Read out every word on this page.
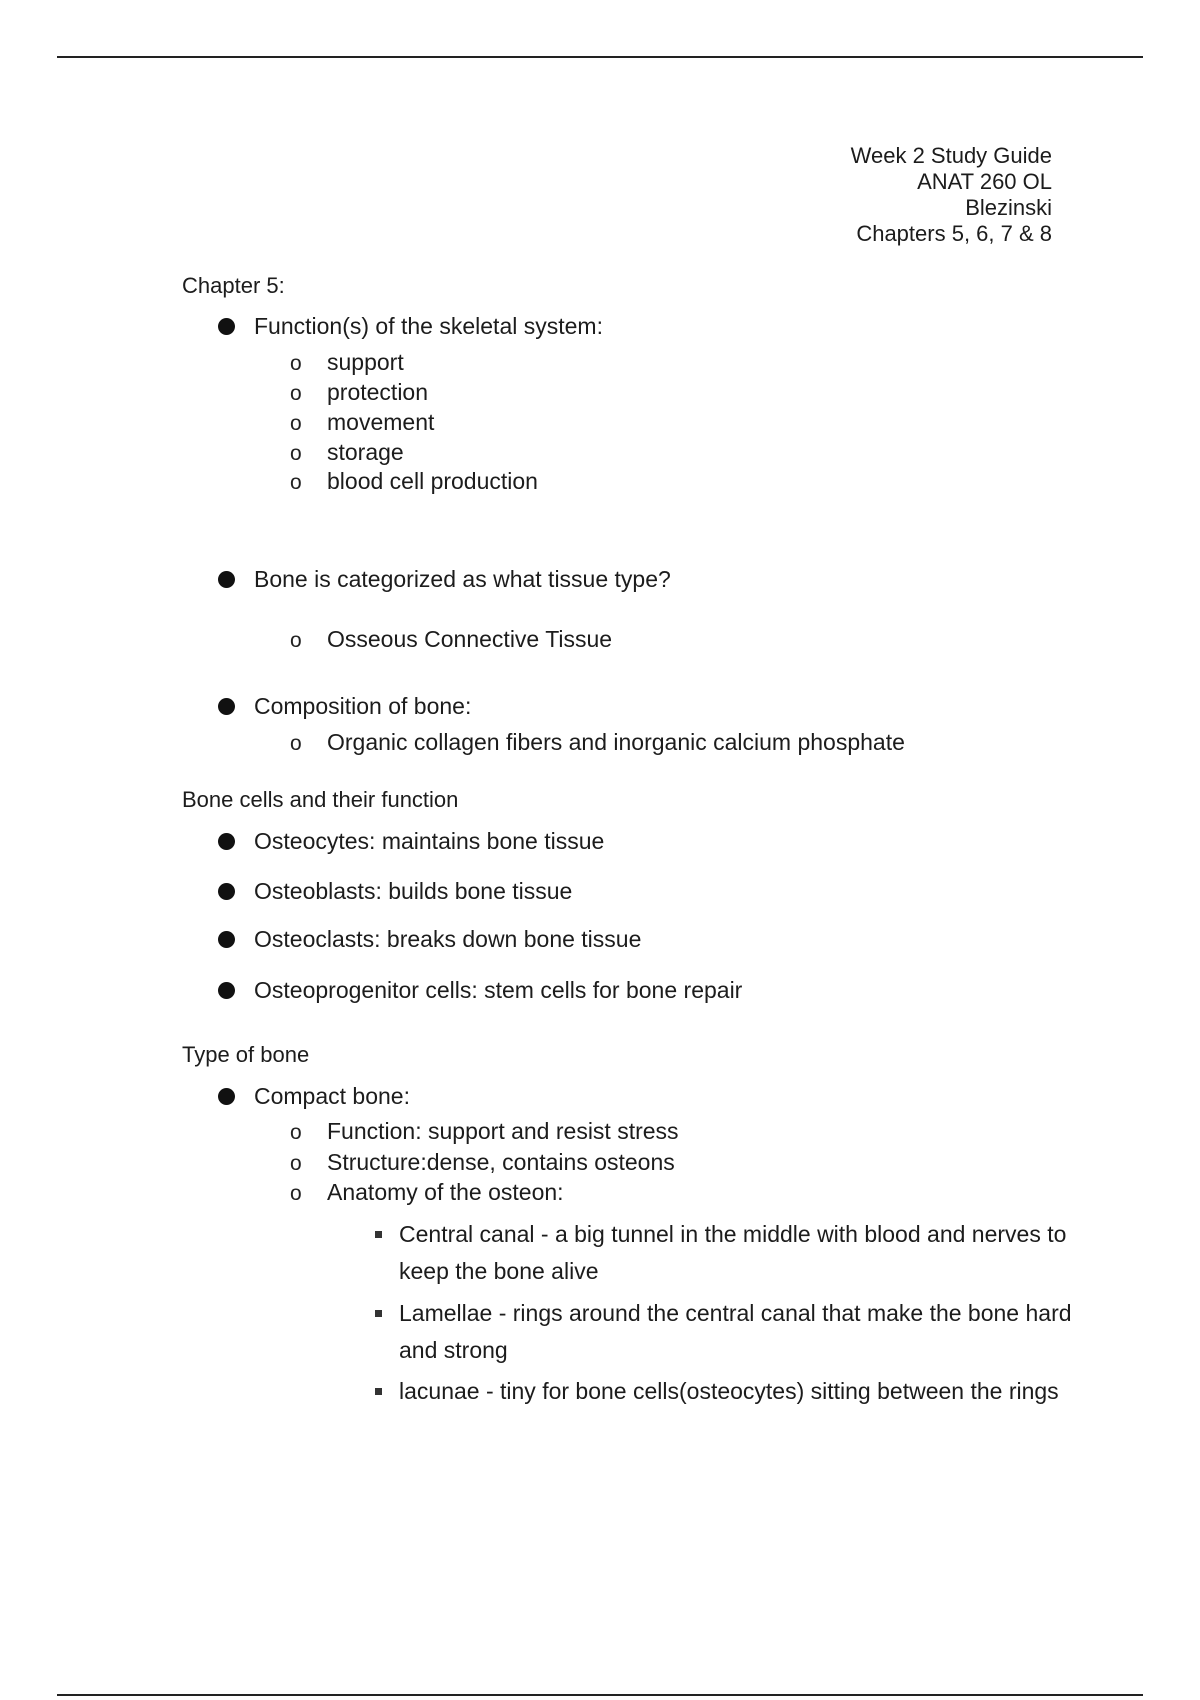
Week 2 Study Guide
ANAT 260 OL
Blezinski
Chapters 5, 6, 7 & 8
Chapter 5:
Function(s) of the skeletal system:
o	support
o	protection
o	movement
o	storage
o	blood cell production
Bone is categorized as what tissue type?
o	Osseous Connective Tissue
Composition of bone:
o	Organic collagen fibers and inorganic calcium phosphate
Bone cells and their function
Osteocytes: maintains bone tissue
Osteoblasts: builds bone tissue
Osteoclasts: breaks down bone tissue
Osteoprogenitor cells: stem cells for bone repair
Type of bone
Compact bone:
o	Function: support and resist stress
o	Structure:dense, contains osteons
o	Anatomy of the osteon:
Central canal - a big tunnel in the middle with blood and nerves to keep the bone alive
Lamellae - rings around the central canal that make the bone hard and strong
lacunae - tiny for bone cells(osteocytes) sitting between the rings
